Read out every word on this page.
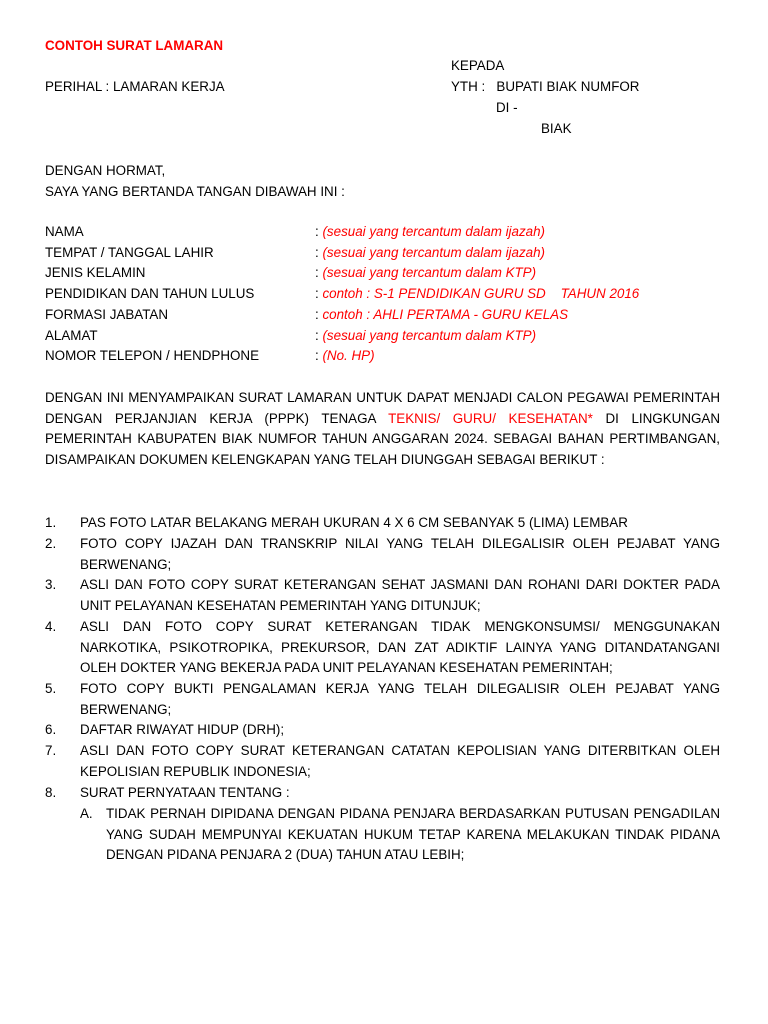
CONTOH SURAT LAMARAN
PERIHAL : LAMARAN KERJA
KEPADA
YTH :   BUPATI BIAK NUMFOR
DI -
BIAK
DENGAN HORMAT,
SAYA YANG BERTANDA TANGAN DIBAWAH INI :
NAMA	: (sesuai yang tercantum dalam ijazah)
TEMPAT / TANGGAL LAHIR	: (sesuai yang tercantum dalam ijazah)
JENIS KELAMIN	: (sesuai yang tercantum dalam KTP)
PENDIDIKAN DAN TAHUN LULUS	: contoh : S-1 PENDIDIKAN GURU SD    TAHUN 2016
FORMASI JABATAN	: contoh : AHLI PERTAMA - GURU KELAS
ALAMAT	: (sesuai yang tercantum dalam KTP)
NOMOR TELEPON / HENDPHONE	: (No. HP)
DENGAN INI MENYAMPAIKAN SURAT LAMARAN UNTUK DAPAT MENJADI CALON PEGAWAI PEMERINTAH DENGAN PERJANJIAN KERJA (PPPK) TENAGA TEKNIS/ GURU/ KESEHATAN* DI LINGKUNGAN PEMERINTAH KABUPATEN BIAK NUMFOR TAHUN ANGGARAN 2024. SEBAGAI BAHAN PERTIMBANGAN, DISAMPAIKAN DOKUMEN KELENGKAPAN YANG TELAH DIUNGGAH SEBAGAI BERIKUT :
1. PAS FOTO LATAR BELAKANG MERAH UKURAN 4 X 6 CM SEBANYAK 5 (LIMA) LEMBAR
2. FOTO COPY IJAZAH DAN TRANSKRIP NILAI YANG TELAH DILEGALISIR OLEH PEJABAT YANG BERWENANG;
3. ASLI DAN FOTO COPY SURAT KETERANGAN SEHAT JASMANI DAN ROHANI DARI DOKTER PADA UNIT PELAYANAN KESEHATAN PEMERINTAH YANG DITUNJUK;
4. ASLI DAN FOTO COPY SURAT KETERANGAN TIDAK MENGKONSUMSI/ MENGGUNAKAN NARKOTIKA, PSIKOTROPIKA, PREKURSOR, DAN ZAT ADIKTIF LAINYA YANG DITANDATANGANI OLEH DOKTER YANG BEKERJA PADA UNIT PELAYANAN KESEHATAN PEMERINTAH;
5. FOTO COPY BUKTI PENGALAMAN KERJA YANG TELAH DILEGALISIR OLEH PEJABAT YANG BERWENANG;
6. DAFTAR RIWAYAT HIDUP (DRH);
7. ASLI DAN FOTO COPY SURAT KETERANGAN CATATAN KEPOLISIAN YANG DITERBITKAN OLEH KEPOLISIAN REPUBLIK INDONESIA;
8. SURAT PERNYATAAN TENTANG :
A. TIDAK PERNAH DIPIDANA DENGAN PIDANA PENJARA BERDASARKAN PUTUSAN PENGADILAN YANG SUDAH MEMPUNYAI KEKUATAN HUKUM TETAP KARENA MELAKUKAN TINDAK PIDANA DENGAN PIDANA PENJARA 2 (DUA) TAHUN ATAU LEBIH;
